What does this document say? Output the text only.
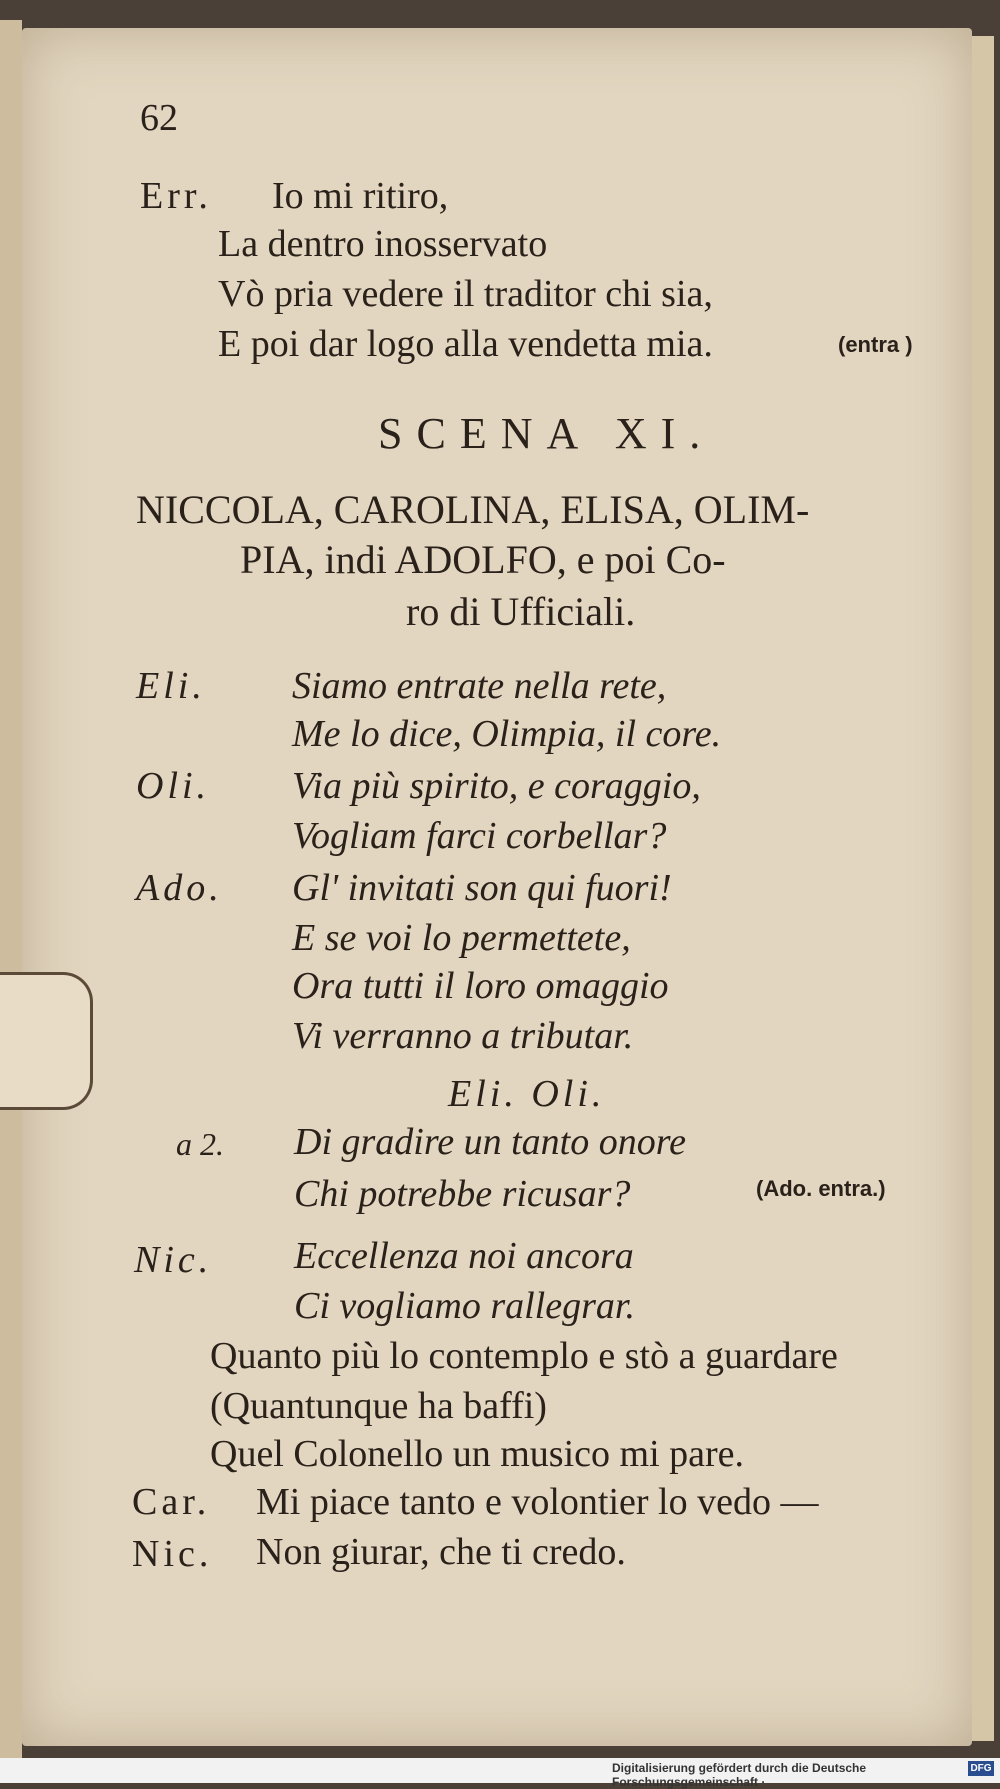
62
Err. Io mi ritiro,
La dentro inosservato
Vò pria vedere il traditor chi sia,
E poi dar logo alla vendetta mia.	(entra )
SCENA XI.
NICCOLA, CAROLINA, ELISA, OLIM-
PIA, indi ADOLFO, e poi Co-
ro di Ufficiali.
Eli. Siamo entrate nella rete,
Me lo dice, Olimpia, il core.
Oli. Via più spirito, e coraggio,
Vogliam farci corbellar?
Ado. Gl' invitati son qui fuori!
E se voi lo permettete,
Ora tutti il loro omaggio
Vi verranno a tributar.
Eli. Oli.
a 2. Di gradire un tanto onore
Chi potrebbe ricusar?	(Ado. entra.)
Nic. Eccellenza noi ancora
Ci vogliamo rallegrar.
Quanto più lo contemplo e stò a guardare
(Quantunque ha baffi)
Quel Colonello un musico mi pare.
Car. Mi piace tanto e volontier lo vedo —
Nic. Non giurar, che ti credo.
Digitalisierung gefördert durch die Deutsche Forschungsgemeinschaft ·
DFG
